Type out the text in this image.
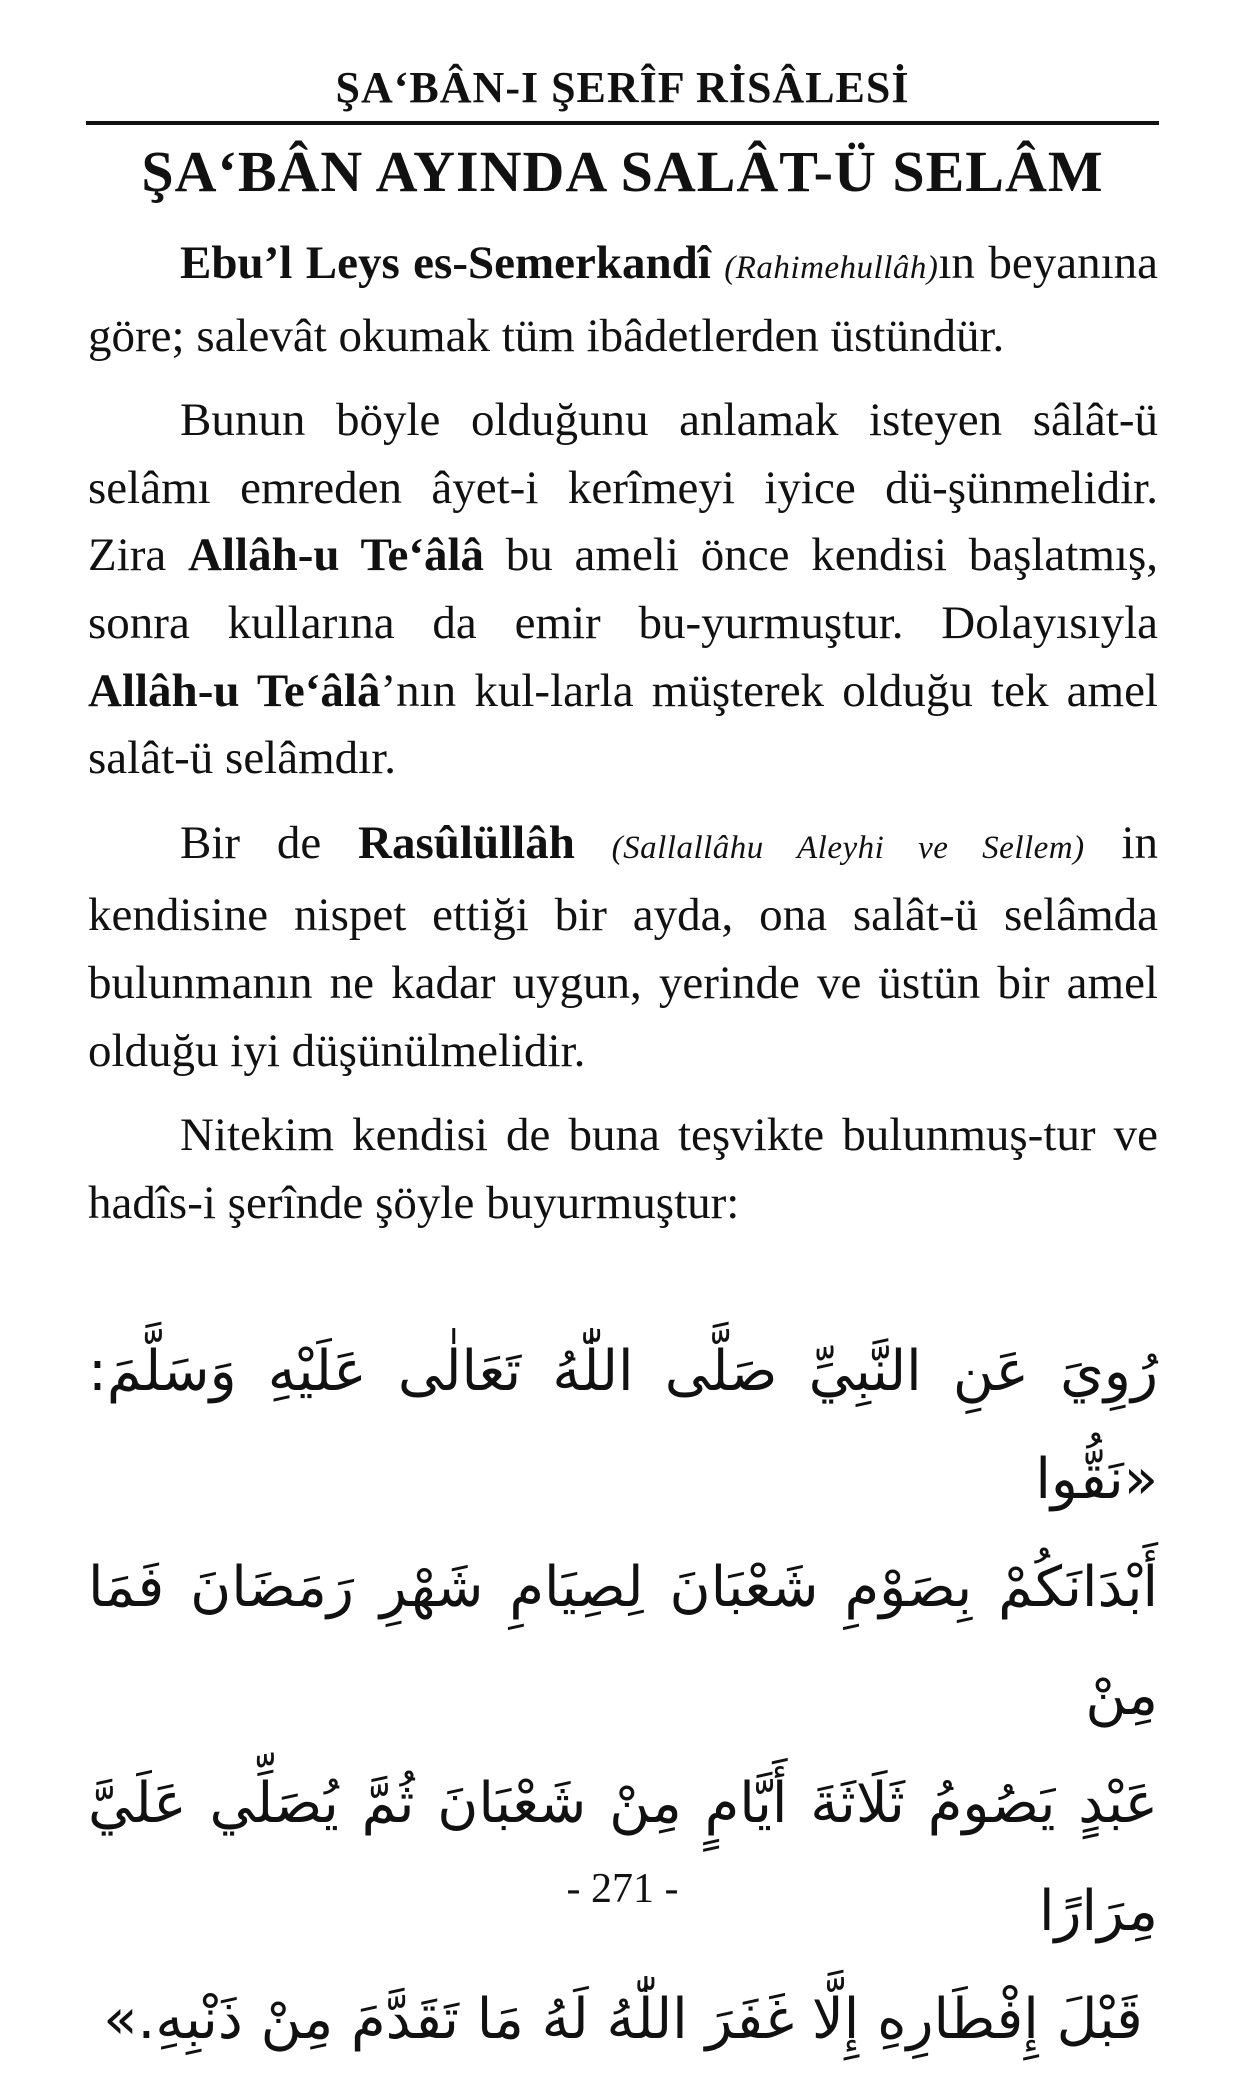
ŞA‘BÂN-I ŞERÎF RİSÂLESİ
ŞA‘BÂN AYINDA SALÂT-Ü SELÂM

Ebu’l Leys es-Semerkandî (Rahimehullâh)ın beyanına göre; salevât okumak tüm ibâdetlerden üstündür.

Bunun böyle olduğunu anlamak isteyen sâlât-ü selâmı emreden âyet-i kerîmeyi iyice dü-şünmelidir. Zira Allâh-u Te‘âlâ bu ameli önce kendisi başlatmış, sonra kullarına da emir bu-yurmuştur. Dolayısıyla Allâh-u Te‘âlâ’nın kul-larla müşterek olduğu tek amel salât-ü selâmdır.

Bir de Rasûlüllâh (Sallallâhu Aleyhi ve Sellem) in kendisine nispet ettiği bir ayda, ona salât-ü selâmda bulunmanın ne kadar uygun, yerinde ve üstün bir amel olduğu iyi düşünülmelidir.

Nitekim kendisi de buna teşvikte bulunmuş-tur ve hadîs-i şerînde şöyle buyurmuştur:

رُوِيَ عَنِ النَّبِيِّ صَلَّى اللّٰهُ تَعَالٰى عَلَيْهِ وَسَلَّمَ: «نَقُّوا
أَبْدَانَكُمْ بِصَوْمِ شَعْبَانَ لِصِيَامِ شَهْرِ رَمَضَانَ فَمَا مِنْ
عَبْدٍ يَصُومُ ثَلَاثَةَ أَيَّامٍ مِنْ شَعْبَانَ ثُمَّ يُصَلِّي عَلَيَّ مِرَارًا
قَبْلَ إِفْطَارِهِ إِلَّا غَفَرَ اللّٰهُ لَهُ مَا تَقَدَّمَ مِنْ ذَنْبِهِ.»
- 271 -
